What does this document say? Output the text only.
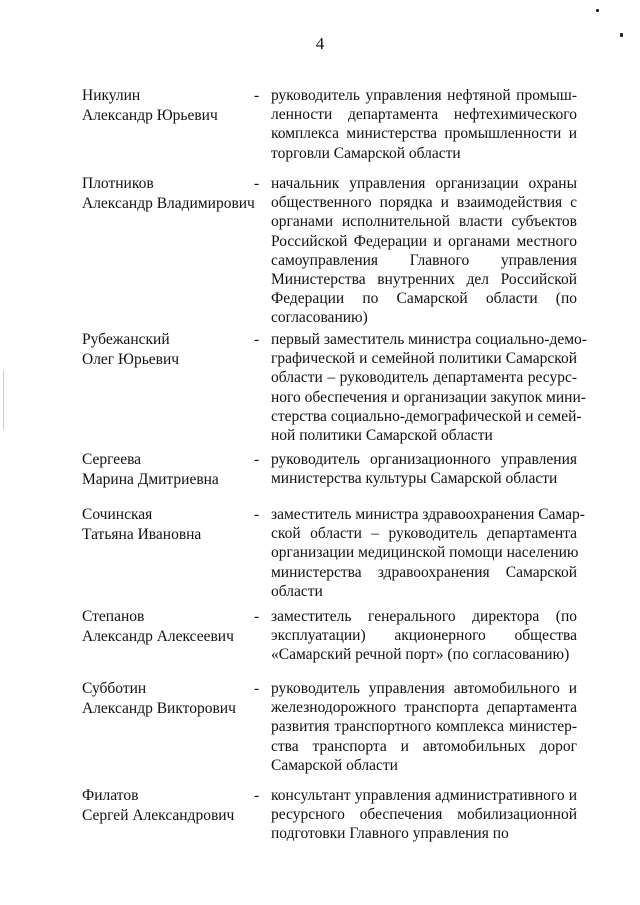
4
Никулин
Александр Юрьевич
- руководитель управления нефтяной промыш-
ленности департамента нефтехимического
комплекса министерства промышленности и
торговли Самарской области
Плотников
Александр Владимирович
- начальник управления организации охраны
общественного порядка и взаимодействия с
органами исполнительной власти субъектов
Российской Федерации и органами местного
самоуправления Главного управления
Министерства внутренних дел Российской
Федерации по Самарской области (по
согласованию)
Рубежанский
Олег Юрьевич
- первый заместитель министра социально-демо-
графической и семейной политики Самарской
области – руководитель департамента ресурс-
ного обеспечения и организации закупок мини-
стерства социально-демографической и семей-
ной политики Самарской области
Сергеева
Марина Дмитриевна
- руководитель организационного управления
министерства культуры Самарской области
Сочинская
Татьяна Ивановна
- заместитель министра здравоохранения Самар-
ской области – руководитель департамента
организации медицинской помощи населению
министерства здравоохранения Самарской
области
Степанов
Александр Алексеевич
- заместитель генерального директора (по
эксплуатации) акционерного общества
«Самарский речной порт» (по согласованию)
Субботин
Александр Викторович
- руководитель управления автомобильного и
железнодорожного транспорта департамента
развития транспортного комплекса министер-
ства транспорта и автомобильных дорог
Самарской области
Филатов
Сергей Александрович
- консультант управления административного и
ресурсного обеспечения мобилизационной
подготовки Главного управления по
